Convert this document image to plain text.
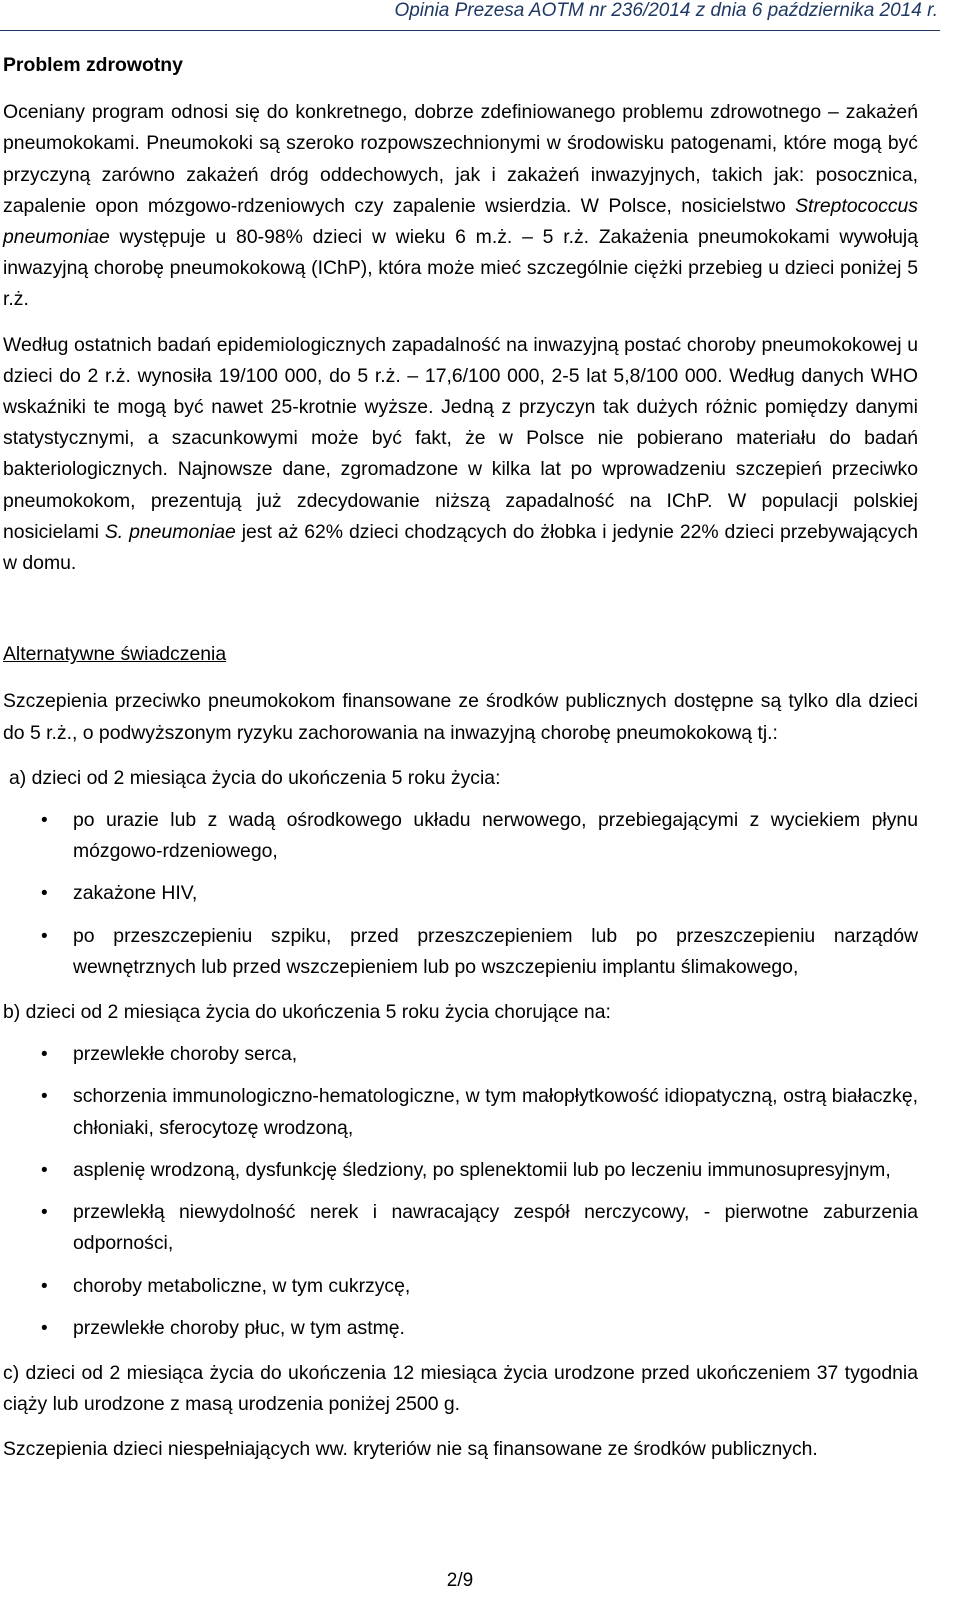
Opinia Prezesa AOTM nr 236/2014 z dnia 6 października 2014 r.

Problem zdrowotny

Oceniany program odnosi się do konkretnego, dobrze zdefiniowanego problemu zdrowotnego – zakażeń pneumokokami. Pneumokoki są szeroko rozpowszechnionymi w środowisku patogenami, które mogą być przyczyną zarówno zakażeń dróg oddechowych, jak i zakażeń inwazyjnych, takich jak: posocznica, zapalenie opon mózgowo-rdzeniowych czy zapalenie wsierdzia. W Polsce, nosicielstwo Streptococcus pneumoniae występuje u 80-98% dzieci w wieku 6 m.ż. – 5 r.ż. Zakażenia pneumokokami wywołują inwazyjną chorobę pneumokokową (IChP), która może mieć szczególnie ciężki przebieg u dzieci poniżej 5 r.ż.

Według ostatnich badań epidemiologicznych zapadalność na inwazyjną postać choroby pneumokokowej u dzieci do 2 r.ż. wynosiła 19/100 000, do 5 r.ż. – 17,6/100 000, 2-5 lat 5,8/100 000. Według danych WHO wskaźniki te mogą być nawet 25-krotnie wyższe. Jedną z przyczyn tak dużych różnic pomiędzy danymi statystycznymi, a szacunkowymi może być fakt, że w Polsce nie pobierano materiału do badań bakteriologicznych. Najnowsze dane, zgromadzone w kilka lat po wprowadzeniu szczepień przeciwko pneumokokom, prezentują już zdecydowanie niższą zapadalność na IChP. W populacji polskiej nosicielami S. pneumoniae jest aż 62% dzieci chodzących do żłobka i jedynie 22% dzieci przebywających w domu.

Alternatywne świadczenia

Szczepienia przeciwko pneumokokom finansowane ze środków publicznych dostępne są tylko dla dzieci do 5 r.ż., o podwyższonym ryzyku zachorowania na inwazyjną chorobę pneumokokową tj.:

a) dzieci od 2 miesiąca życia do ukończenia 5 roku życia:

• po urazie lub z wadą ośrodkowego układu nerwowego, przebiegającymi z wyciekiem płynu mózgowo-rdzeniowego,
• zakażone HIV,
• po przeszczepieniu szpiku, przed przeszczepieniem lub po przeszczepieniu narządów wewnętrznych lub przed wszczepieniem lub po wszczepieniu implantu ślimakowego,

b) dzieci od 2 miesiąca życia do ukończenia 5 roku życia chorujące na:

• przewlekłe choroby serca,
• schorzenia immunologiczno-hematologiczne, w tym małopłytkowość idiopatyczną, ostrą białaczkę, chłoniaki, sferocytozę wrodzoną,
• asplenię wrodzoną, dysfunkcję śledziony, po splenektomii lub po leczeniu immunosupresyjnym,
• przewlekłą niewydolność nerek i nawracający zespół nerczycowy, - pierwotne zaburzenia odporności,
• choroby metaboliczne, w tym cukrzycę,
• przewlekłe choroby płuc, w tym astmę.

c) dzieci od 2 miesiąca życia do ukończenia 12 miesiąca życia urodzone przed ukończeniem 37 tygodnia ciąży lub urodzone z masą urodzenia poniżej 2500 g.

Szczepienia dzieci niespełniających ww. kryteriów nie są finansowane ze środków publicznych.

2/9
